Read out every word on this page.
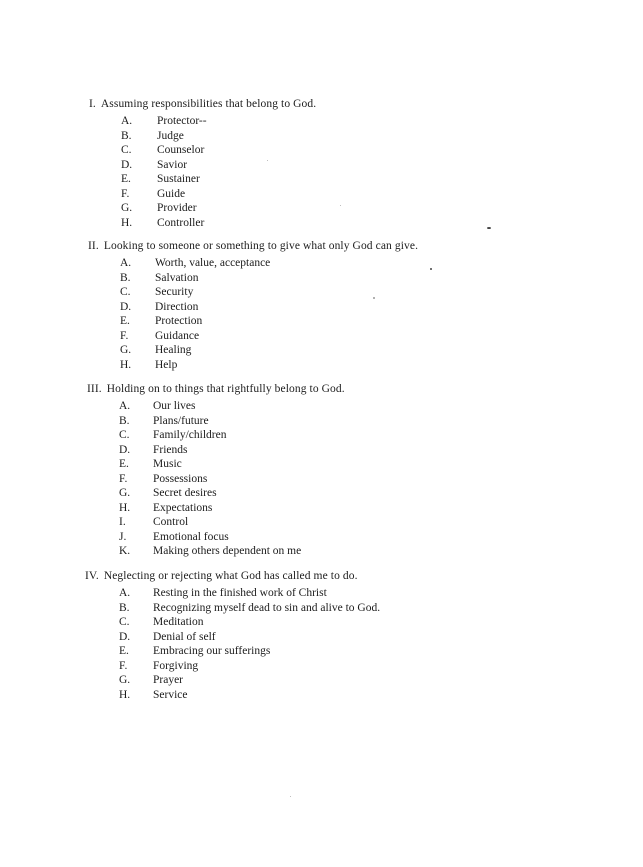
I. Assuming responsibilities that belong to God.
A. Protector--
B. Judge
C. Counselor
D. Savior
E. Sustainer
F. Guide
G. Provider
H. Controller
II. Looking to someone or something to give what only God can give.
A. Worth, value, acceptance
B. Salvation
C. Security
D. Direction
E. Protection
F. Guidance
G. Healing
H. Help
III. Holding on to things that rightfully belong to God.
A. Our lives
B. Plans/future
C. Family/children
D. Friends
E. Music
F. Possessions
G. Secret desires
H. Expectations
I. Control
J. Emotional focus
K. Making others dependent on me
IV. Neglecting or rejecting what God has called me to do.
A. Resting in the finished work of Christ
B. Recognizing myself dead to sin and alive to God.
C. Meditation
D. Denial of self
E. Embracing our sufferings
F. Forgiving
G. Prayer
H. Service
